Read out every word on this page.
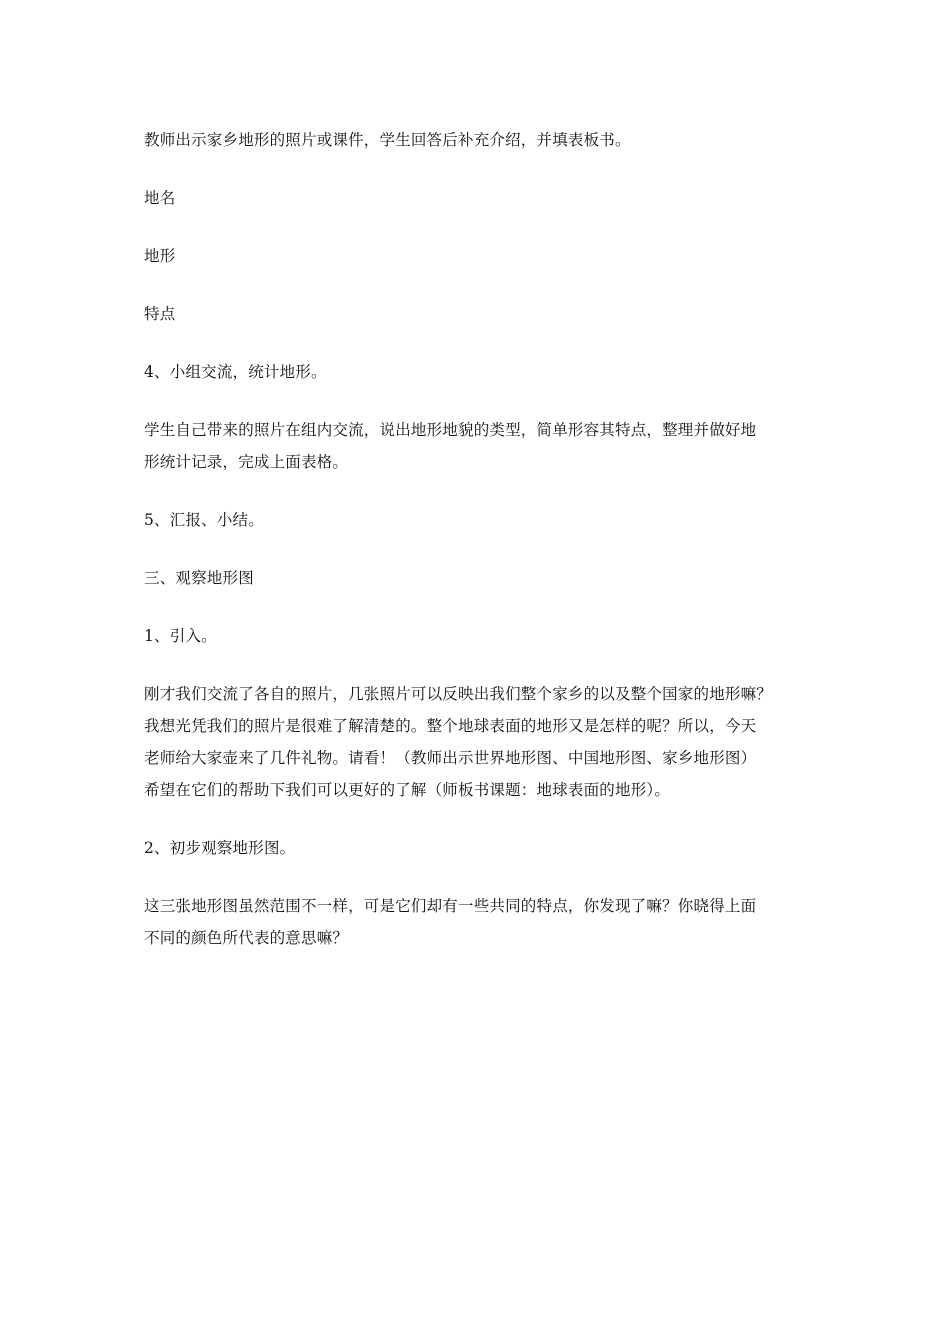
教师出示家乡地形的照片或课件，学生回答后补充介绍，并填表板书。

地名

地形

特点

4、小组交流，统计地形。

学生自己带来的照片在组内交流，说出地形地貌的类型，简单形容其特点，整理并做好地
形统计记录，完成上面表格。

5、汇报、小结。

三、观察地形图

1、引入。

刚才我们交流了各自的照片，几张照片可以反映出我们整个家乡的以及整个国家的地形嘛？
我想光凭我们的照片是很难了解清楚的。整个地球表面的地形又是怎样的呢？所以，今天
老师给大家壶来了几件礼物。请看！（教师出示世界地形图、中国地形图、家乡地形图）
希望在它们的帮助下我们可以更好的了解（师板书课题：地球表面的地形）。

2、初步观察地形图。

这三张地形图虽然范围不一样，可是它们却有一些共同的特点，你发现了嘛？你晓得上面
不同的颜色所代表的意思嘛？
